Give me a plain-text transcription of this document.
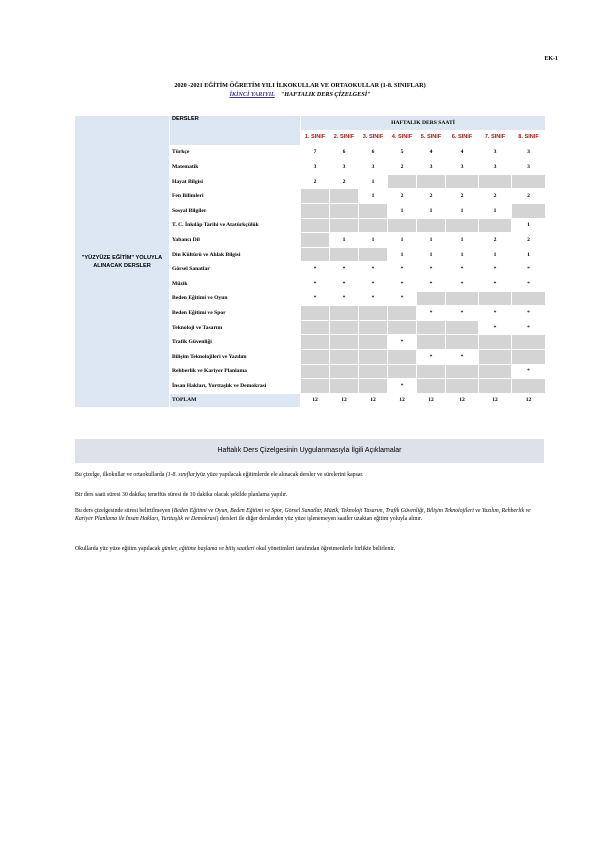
EK-1
2020 -2021 EĞİTİM ÖĞRETİM YILI İLKOKULLAR VE ORTAOKULLAR (1-8. SINIFLAR)
İKİNCİ YARIYIL "HAFTALIK DERS ÇİZELGESİ"
"YÜZYÜZE EĞİTİM" YOLUYLA ALINACAK DERSLER	DERSLER	HAFTALIK DERS SAATİ							
		1. SINIF	2. SINIF	3. SINIF	4. SINIF	5. SINIF	6. SINIF	7. SINIF	8. SINIF
	Türkçe	7	6	6	5	4	4	3	3
	Matematik	3	3	3	2	3	3	3	3
	Hayat Bilgisi	2	2	1					
	Fen Bilimleri			1	2	2	2	2	2
	Sosyal Bilgiler				1	1	1	1	
	T. C. İnkılâp Tarihi ve Atatürkçülük								1
	Yabancı Dil		1	1	1	1	1	2	2
	Din Kültürü ve Ahlak Bilgisi				1	1	1	1	1
	Görsel Sanatlar	*	*	*	*	*	*	*	*
	Müzik	*	*	*	*	*	*	*	*
	Beden Eğitimi ve Oyun	*	*	*	*				
	Beden Eğitimi ve Spor					*	*	*	*
	Teknoloji ve Tasarım							*	*
	Trafik Güvenliği				*				
	Bilişim Teknolojileri ve Yazılım					*	*		
	Rehberlik ve Kariyer Planlama								*
	İnsan Hakları, Yurttaşlık ve Demokrasi				*				
	TOPLAM	12	12	12	12	12	12	12	12
Haftalık Ders Çizelgesinin Uygulanmasıyla İlgili Açıklamalar
Bu çizelge, ilkokullar ve ortaokullarda (1-8. sınıflar)yüz yüze yapılacak eğitimlerde ele alınacak dersler ve sürelerini kapsar.
Bir ders saati süresi 30 dakika; teneffüs süresi de 10 dakika olacak şekilde planlama yapılır.
Bu ders çizelgesinde süresi belirtilmeyen (Beden Eğitimi ve Oyun, Beden Eğitimi ve Spor, Görsel Sanatlar, Müzik, Teknoloji Tasarım, Trafik Güvenliği, Bilişim Teknolojileri ve Yazılım, Rehberlik ve Kariyer Planlama ile İnsan Hakları, Yurttaşlık ve Demokrasi) dersleri ile diğer derslerden yüz yüze işlenemeyen saatler uzaktan eğitim yoluyla alınır.
Okullarda yüz yüze eğitim yapılacak günler, eğitime başlama ve bitiş saatleri okul yönetimleri tarafından öğretmenlerle birlikte belirlenir.
